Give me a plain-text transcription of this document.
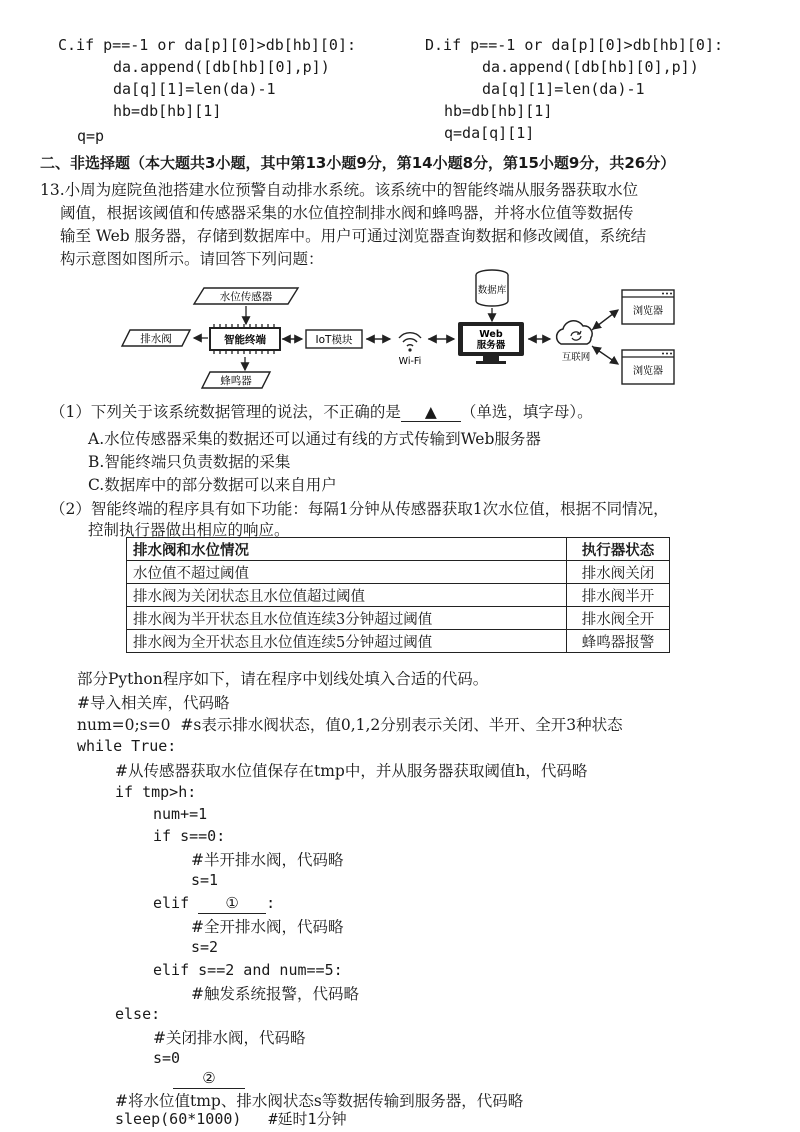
C.if p==-1 or da[p][0]>db[hb][0]:
da.append([db[hb][0],p])
da[q][1]=len(da)-1
hb=db[hb][1]
q=p
D.if p==-1 or da[p][0]>db[hb][0]:
da.append([db[hb][0],p])
da[q][1]=len(da)-1
hb=db[hb][1]
q=da[q][1]
二、非选择题（本大题共3小题，其中第13小题9分，第14小题8分，第15小题9分，共26分）
13.小周为庭院鱼池搭建水位预警自动排水系统。该系统中的智能终端从服务器获取水位
阈值，根据该阈值和传感器采集的水位值控制排水阀和蜂鸣器，并将水位值等数据传
输至 Web 服务器，存储到数据库中。用户可通过浏览器查询数据和修改阈值，系统结
构示意图如图所示。请回答下列问题：
水位传感器
排水阀	智能终端	IoT模块
Wi-Fi
数据库
Web
服务器
互联网
浏览器
浏览器
蜂鸣器
（1）下列关于该系统数据管理的说法，不正确的是 ▲ （单选，填字母）。
A.水位传感器采集的数据还可以通过有线的方式传输到Web服务器
B.智能终端只负责数据的采集
C.数据库中的部分数据可以来自用户
（2）智能终端的程序具有如下功能：每隔1分钟从传感器获取1次水位值，根据不同情况，
控制执行器做出相应的响应。
排水阀和水位情况	执行器状态
水位值不超过阈值	排水阀关闭
排水阀为关闭状态且水位值超过阈值	排水阀半开
排水阀为半开状态且水位值连续3分钟超过阈值	排水阀全开
排水阀为全开状态且水位值连续5分钟超过阈值	蜂鸣器报警
部分Python程序如下，请在程序中划线处填入合适的代码。
#导入相关库，代码略
num=0;s=0  #s表示排水阀状态，值0,1,2分别表示关闭、半开、全开3种状态
while True:
#从传感器获取水位值保存在tmp中，并从服务器获取阈值h，代码略
if tmp>h:
num+=1
if s==0:
#半开排水阀，代码略
s=1
elif ① :
#全开排水阀，代码略
s=2
elif s==2 and num==5:
#触发系统报警，代码略
else:
#关闭排水阀，代码略
s=0
②
#将水位值tmp、排水阀状态s等数据传输到服务器，代码略
sleep(60*1000)   #延时1分钟
